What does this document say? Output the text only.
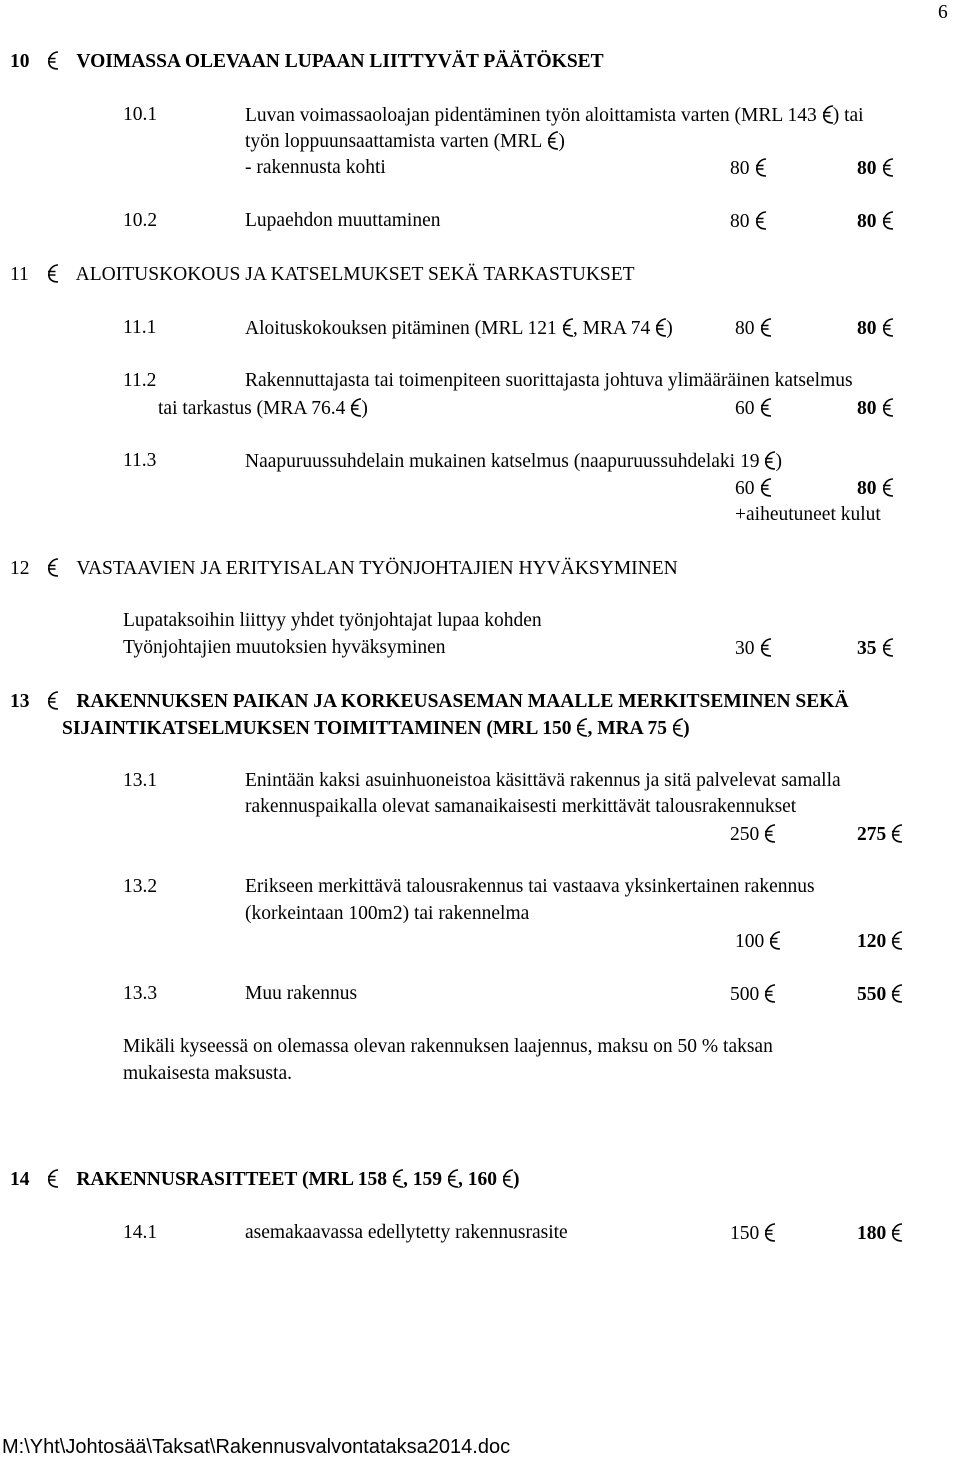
6
10 VOIMASSA OLEVAAN LUPAAN LIITTYVÄT PÄÄTÖKSET
10.1	Luvan voimassaoloajan pidentäminen työn aloittamista varten (MRL 143 ) tai
työn loppuunsaattamista varten (MRL )
- rakennusta kohti	80	80
10.2	Lupaehdon muuttaminen	80	80
11 ALOITUSKOKOUS JA KATSELMUKSET SEKÄ TARKASTUKSET
11.1	Aloituskokouksen pitäminen (MRL 121 , MRA 74 )	80	80
11.2	Rakennuttajasta tai toimenpiteen suorittajasta johtuva ylimääräinen katselmus
tai tarkastus (MRA 76.4 )	60	80
11.3	Naapuruussuhdelain mukainen katselmus (naapuruussuhdelaki 19 )
60	80
+aiheutuneet kulut
12 VASTAAVIEN JA ERITYISALAN TYÖNJOHTAJIEN HYVÄKSYMINEN
Lupataksoihin liittyy yhdet työnjohtajat lupaa kohden
Työnjohtajien muutoksien hyväksyminen	30	35
13 RAKENNUKSEN PAIKAN JA KORKEUSASEMAN MAALLE MERKITSEMINEN SEKÄ
SIJAINTIKATSELMUKSEN TOIMITTAMINEN (MRL 150 , MRA 75 )
13.1	Enintään kaksi asuinhuoneistoa käsittävä rakennus ja sitä palvelevat samalla
rakennuspaikalla olevat samanaikaisesti merkittävät talousrakennukset
250	275
13.2	Erikseen merkittävä talousrakennus tai vastaava yksinkertainen rakennus
(korkeintaan 100m2) tai rakennelma
100	120
13.3	Muu rakennus	500	550
Mikäli kyseessä on olemassa olevan rakennuksen laajennus, maksu on 50 % taksan
mukaisesta maksusta.
14 RAKENNUSRASITTEET (MRL 158 , 159 , 160 )
14.1	asemakaavassa edellytetty rakennusrasite	150	180
M:\Yht\Johtosää\Taksat\Rakennusvalvontataksa2014.doc
